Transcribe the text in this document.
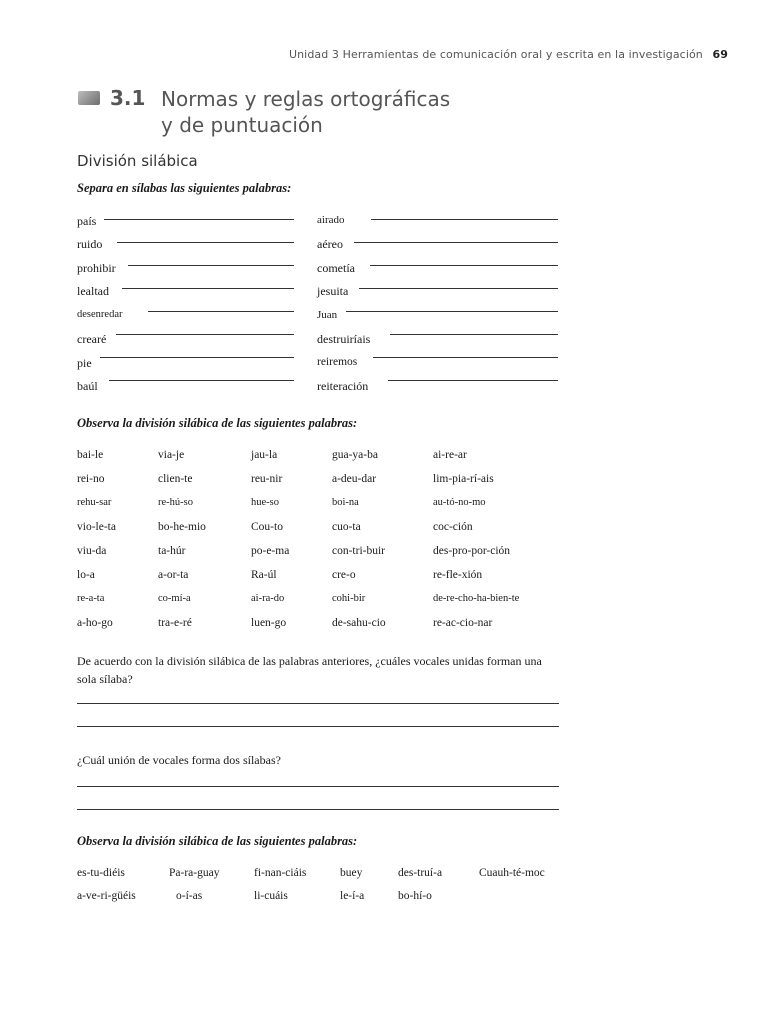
Unidad 3 Herramientas de comunicación oral y escrita en la investigación 69
3.1 Normas y reglas ortográficas
y de puntuación
División silábica
Separa en sílabas las siguientes palabras:
país
ruido
prohibir
lealtad
desenredar
crearé
pie
baúl
airado
aéreo
cometía
jesuita
Juan
destruiríais
reiremos
reiteración
Observa la división silábica de las siguientes palabras:
bai-le	via-je	jau-la	gua-ya-ba	ai-re-ar
rei-no	clien-te	reu-nir	a-deu-dar	lim-pia-rí-ais
rehu-sar	re-hú-so	hue-so	boi-na	au-tó-no-mo
vio-le-ta	bo-he-mio	Cou-to	cuo-ta	coc-ción
viu-da	ta-húr	po-e-ma	con-tri-buir	des-pro-por-ción
lo-a	a-or-ta	Ra-úl	cre-o	re-fle-xión
re-a-ta	co-mí-a	ai-ra-do	cohi-bir	de-re-cho-ha-bien-te
a-ho-go	tra-e-ré	luen-go	de-sahu-cio	re-ac-cio-nar
De acuerdo con la división silábica de las palabras anteriores, ¿cuáles vocales unidas forman una sola sílaba?
¿Cuál unión de vocales forma dos sílabas?
Observa la división silábica de las siguientes palabras:
es-tu-diéis	Pa-ra-guay	fi-nan-ciáis	buey	des-truí-a	Cuauh-té-moc
a-ve-ri-güéis	o-í-as	li-cuáis	le-í-a	bo-hí-o
